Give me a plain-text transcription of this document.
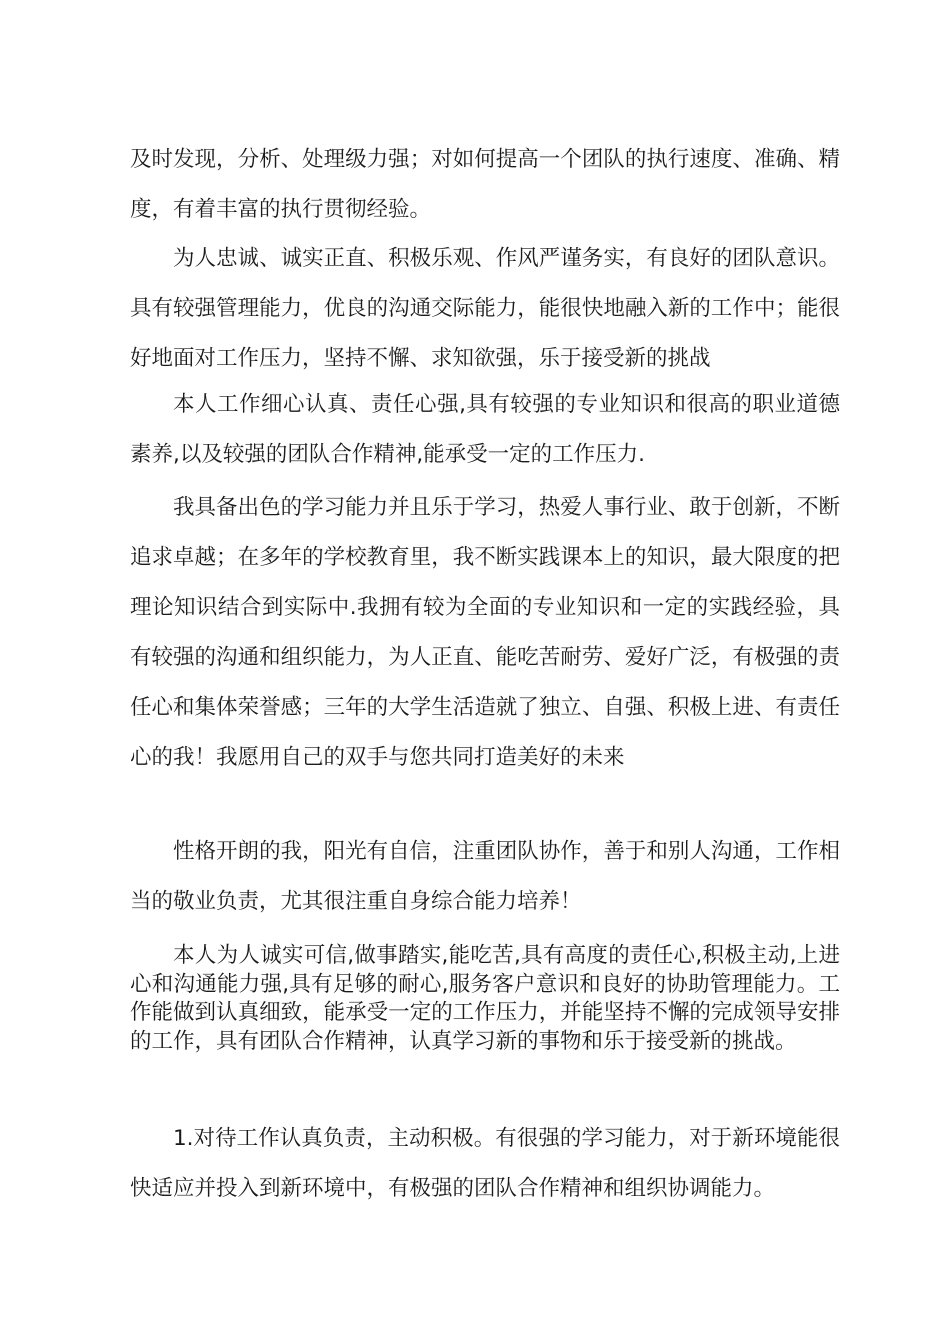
及时发现，分析、处理级力强；对如何提高一个团队的执行速度、准确、精度，有着丰富的执行贯彻经验。

为人忠诚、诚实正直、积极乐观、作风严谨务实，有良好的团队意识。具有较强管理能力，优良的沟通交际能力，能很快地融入新的工作中；能很好地面对工作压力，坚持不懈、求知欲强，乐于接受新的挑战

本人工作细心认真、责任心强,具有较强的专业知识和很高的职业道德素养,以及较强的团队合作精神,能承受一定的工作压力.

我具备出色的学习能力并且乐于学习，热爱人事行业、敢于创新，不断追求卓越；在多年的学校教育里，我不断实践课本上的知识，最大限度的把理论知识结合到实际中.我拥有较为全面的专业知识和一定的实践经验，具有较强的沟通和组织能力，为人正直、能吃苦耐劳、爱好广泛，有极强的责任心和集体荣誉感；三年的大学生活造就了独立、自强、积极上进、有责任心的我！我愿用自己的双手与您共同打造美好的未来

性格开朗的我，阳光有自信，注重团队协作，善于和别人沟通，工作相当的敬业负责，尤其很注重自身综合能力培养！

本人为人诚实可信,做事踏实,能吃苦,具有高度的责任心,积极主动,上进心和沟通能力强,具有足够的耐心,服务客户意识和良好的协助管理能力。工作能做到认真细致，能承受一定的工作压力，并能坚持不懈的完成领导安排的工作，具有团队合作精神，认真学习新的事物和乐于接受新的挑战。

1.对待工作认真负责，主动积极。有很强的学习能力，对于新环境能很快适应并投入到新环境中，有极强的团队合作精神和组织协调能力。
